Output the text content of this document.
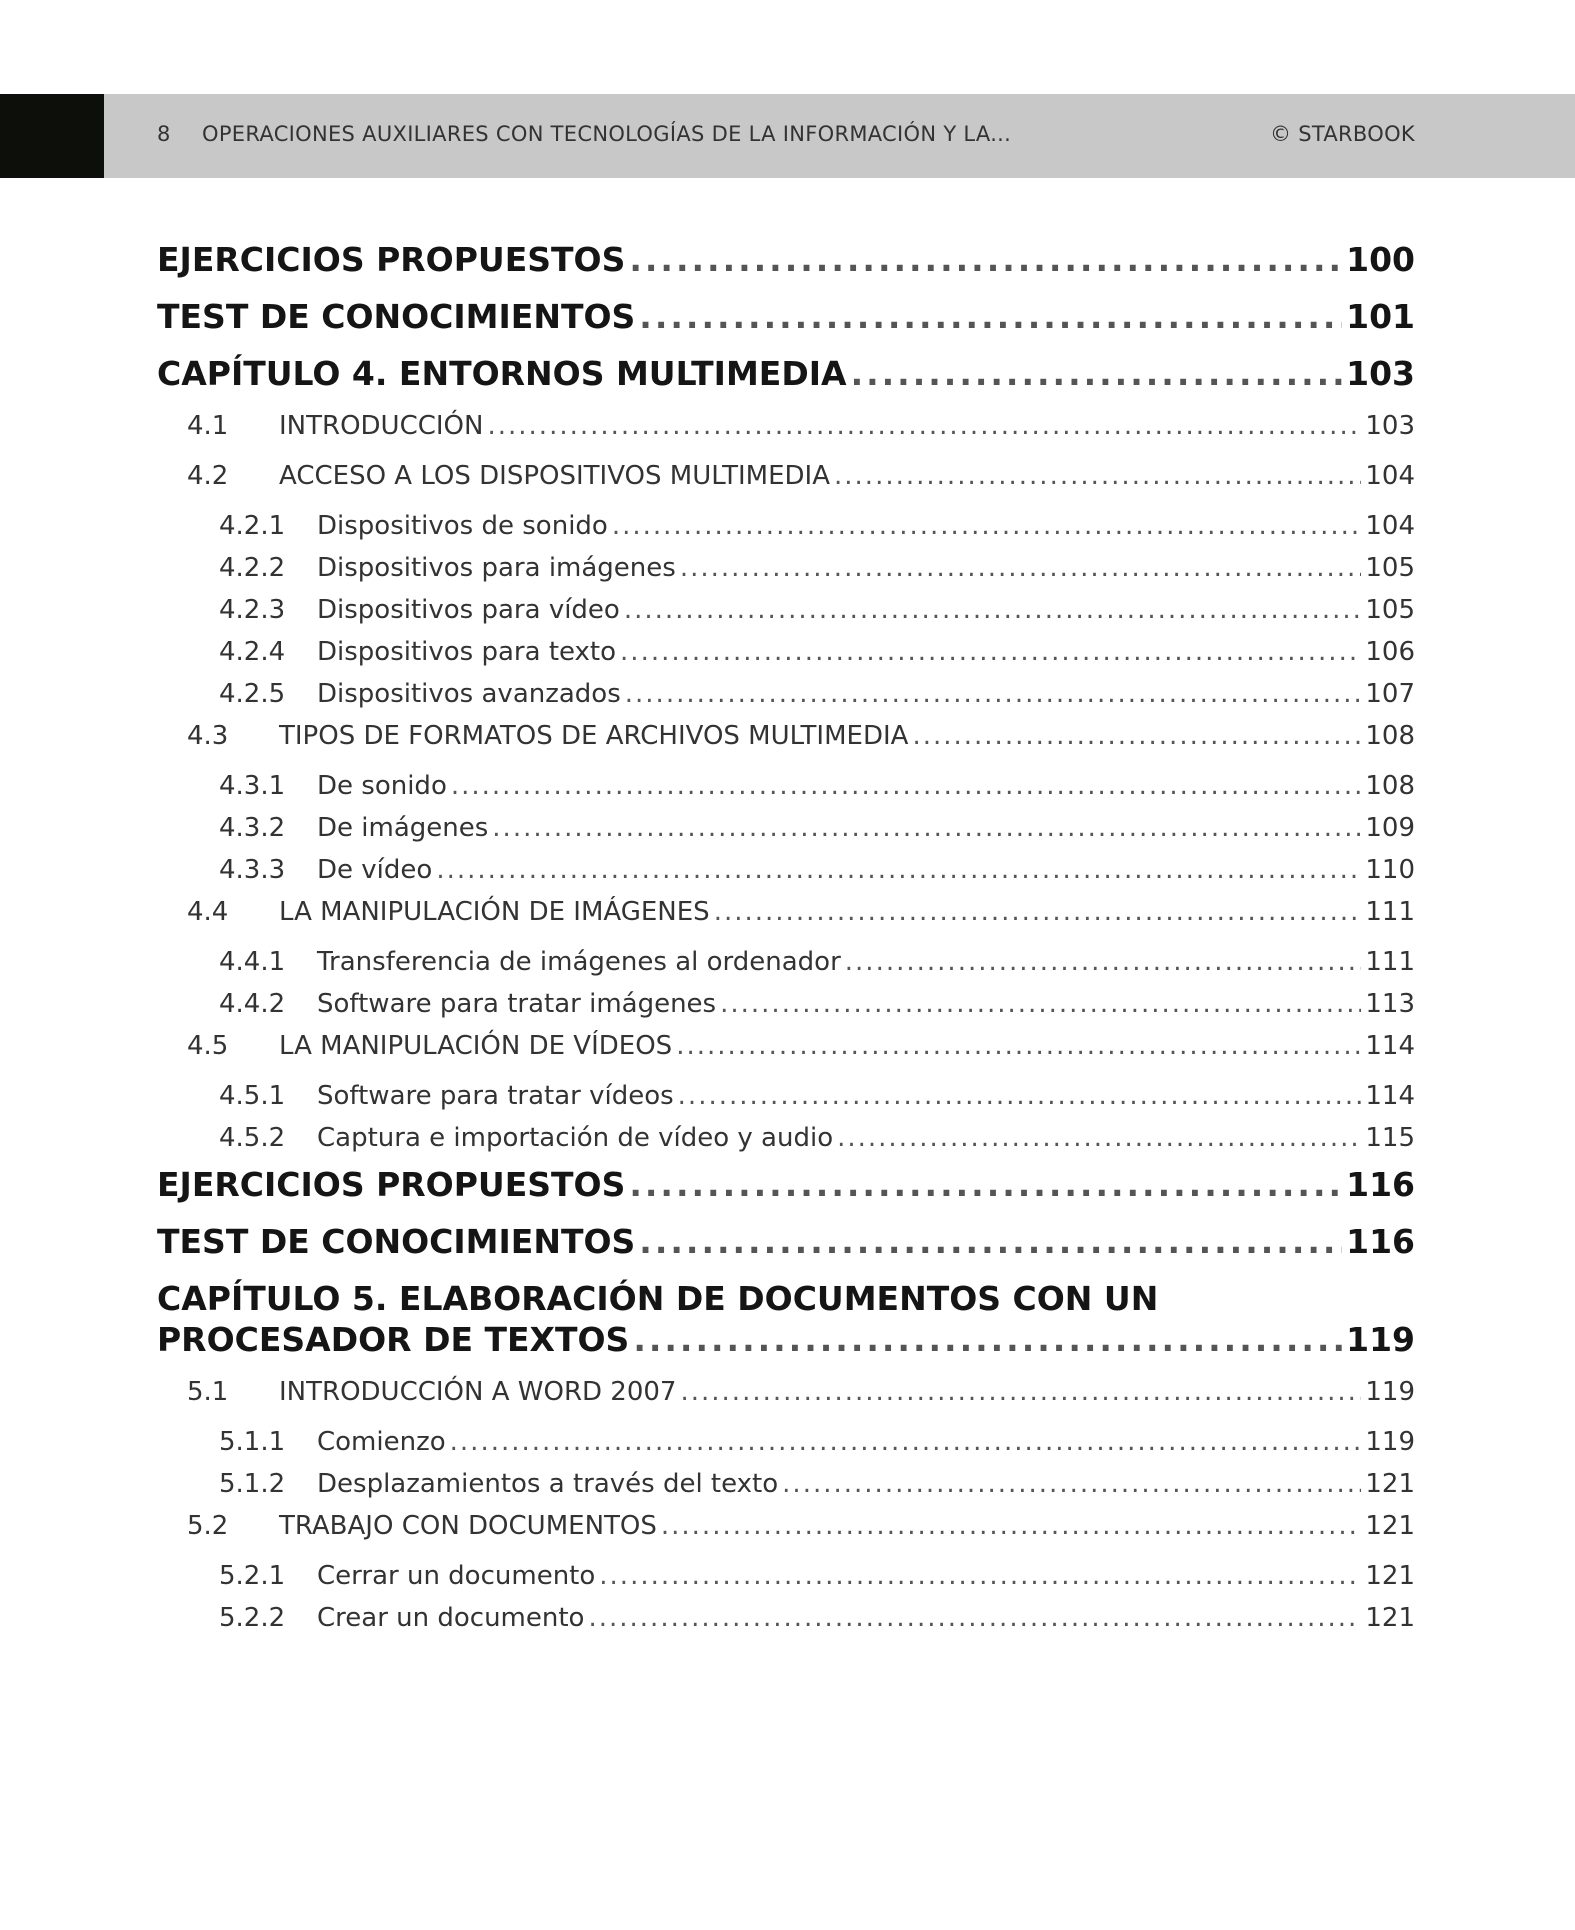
8 OPERACIONES AUXILIARES CON TECNOLOGÍAS DE LA INFORMACIÓN Y LA...	© STARBOOK
EJERCICIOS PROPUESTOS .....	100
TEST DE CONOCIMIENTOS .....	101
CAPÍTULO 4. ENTORNOS MULTIMEDIA .....	103
4.1	INTRODUCCIÓN .....	103
4.2	ACCESO A LOS DISPOSITIVOS MULTIMEDIA .....	104
4.2.1	Dispositivos de sonido .....	104
4.2.2	Dispositivos para imágenes .....	105
4.2.3	Dispositivos para vídeo .....	105
4.2.4	Dispositivos para texto .....	106
4.2.5	Dispositivos avanzados .....	107
4.3	TIPOS DE FORMATOS DE ARCHIVOS MULTIMEDIA .....	108
4.3.1	De sonido .....	108
4.3.2	De imágenes .....	109
4.3.3	De vídeo .....	110
4.4	LA MANIPULACIÓN DE IMÁGENES .....	111
4.4.1	Transferencia de imágenes al ordenador .....	111
4.4.2	Software para tratar imágenes .....	113
4.5	LA MANIPULACIÓN DE VÍDEOS .....	114
4.5.1	Software para tratar vídeos .....	114
4.5.2	Captura e importación de vídeo y audio .....	115
EJERCICIOS PROPUESTOS .....	116
TEST DE CONOCIMIENTOS .....	116
CAPÍTULO 5. ELABORACIÓN DE DOCUMENTOS CON UN
PROCESADOR DE TEXTOS .....	119
5.1	INTRODUCCIÓN A WORD 2007 .....	119
5.1.1	Comienzo .....	119
5.1.2	Desplazamientos a través del texto .....	121
5.2	TRABAJO CON DOCUMENTOS .....	121
5.2.1	Cerrar un documento .....	121
5.2.2	Crear un documento .....	121
